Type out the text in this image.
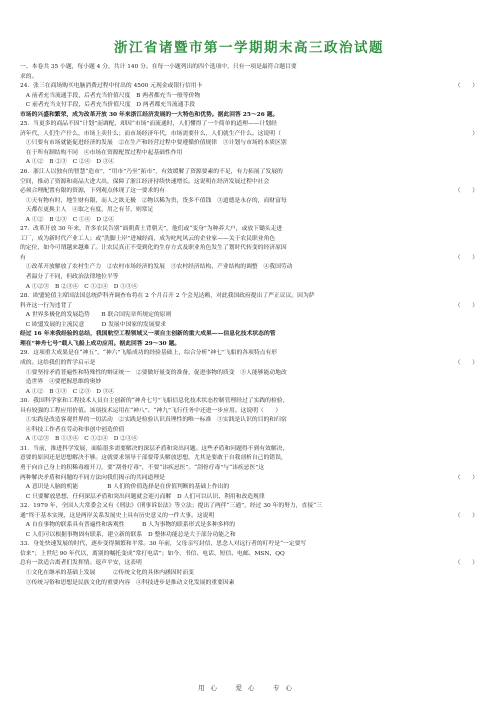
浙江省诸暨市第一学期期末高三政治试题
一、本卷共 35 小题，每小题 4 分，共计 140 分。在每一小题列出的四个选项中，只有一项是最符合题目要
求的。
24．张三在商场购买电脑消费过程中付出的 4500 元现金或银行信用卡	（　　）
　A 前者充当流通手段，后者充当价值尺度　B 两者都充当一般等价物
　C 前者充当支付手段，后者充当价值尺度　D 两者都充当流通手段
市场的兴盛和繁荣，成为改革开放 30 年来浙江经济发展的一大特色和优势。据此回答 25～26 题。
25．当更多的商品不因“计划”而调配，却因“市场”而流通时，人们懂得了一个简单的道理——计划经
济年代，人们生产什么，市场上卖什么；而市场经济年代，市场需要什么，人们就生产什么。这说明（	）
　①只要有市场就能促进经济的发展　②在生产和经营过程中要遵循价值规律　③计划与市场的本质区别
　在于所有制结构不同　④市场在资源配置过程中起基础性作用
　A ①②　B ②③　C ②④　D ③④
26．浙江人以独有的智慧“造市”，“用市”乃至“拓市”，有效缓解了资源要素的不足，有力拓展了发展的
空间，推动了资源和商品大进大出，保障了浙江经济持续快速增长。这说明在经济发展过程中社会
必须合理配置有限的资源，下列观点体现了这一要求的有	（　　）
　①天有物有时，地生财有限，而人之欲无极　②物以稀为贵，货多不值钱　③道德是永存的，而财富每
　天都在更换主人　④取之有度，用之有节，则常足
　A ①②　B ②③　C ①④　D ②④
27．改革开放 30 年来，许多农民告别“面朝黄土背朝天”，他们或“变身”为种养大户，或放下锄头走进
工厂，成为新时代产业工人；或“洗脚上岸”进城经商，成为叱咤风云的企业家——关于农民职业角色
的定位，如今可谓越来越难了。让农民真正不受到化的生存方式及职业角色发生了划时代转变的经济原因
有	（　　）
　①改革开放解放了农村生产力　②农村市场经济的发展　③农村经济结构、产业结构的调整　④我国劳动
　者温分了不同，但政治法律地位平等
　A ①②③　B ②③④　C ①②④　D ①③④
28．欧盟轮值主席国法国总统萨科齐调查布将在 2 个月召开 2 个会见达赖，对此我国政府提出了严正议议。因为萨
科齐这一行为违背了	（　　）
　A 世界多极化的发展趋势　　B 联合国宪章所规定的原则
　C 欧盟发展的主流民意　　　D 发展中国家的发展要求
经过 16 年来我经验的总结，我国航空工程领域又一项自主创新的重大成果——信息化技术状态的管
理在“神舟七号”载人飞船上成功应用。据此回答 29～30 题。
29．这项重大成果是在“神五”、“神六”飞船成功的经验基础上，综合分析“神七”飞船的各项特点有形
成的。这给我们的哲学启示是	（　　）
　①要坚持矛盾普遍性和特殊性的辩证统一　②要做好量变的准备，促进事物的质变　③人能够能动地改
　造世界　④要把握思维的奥妙
　A ①②　B ①③　C ②③　D ③④
30．我国科学家和工程技术人员自主创新的“神舟七号”飞船信息化技术状态控制管理经过了实践的检验，
具有较强的工程应用价值。该项技术运用在“神八”、“神九”飞行任务中还进一步应用。这说明（　　）
　①实践是改造客观世界的一切活动　②实践是检验认识真理性的唯一标准　③实践是认识的目的和归宿
　④科技工作者在劳动和事创中创造价值
　A ①②③　B ①③④　C ①②④　D ②③④
31．当前，推进科学发展，面临很多需要解决的深层矛盾和突出问题。这些矛盾和问题得不到有效解决，
意要的原因还是思想解决不够。这就要求领导干部要带头解放思想，尤其是要敢于自我剖析自己的错误，
勇于向自己身上的积稀毒瘤开刀，要“刮骨疗毒”，不要“讳疾忌医”。“刮骨疗毒”与“讳疾忌医”这
两种解决矛盾和问题的不同方法向我们揭示的共同道理是	（　　）
　A 意识是人脑的机能　　　　　B 人们的价值选择是在价值判断的基础上作出的
　C 只要解放思想，任何深层矛盾和突出问题就会迎刃而解　D 人们可以认识、利用和改造规律
32．1979 年，全国人大常委会又有《刑法》《刑事诉讼法》等立法；提出了两伴“三通”，经过 30 年的努力，直接“三
通”终于基本实现，这是两岸关系发展史上具有历史意义的一件大事。这说明	（　　）
　A 自在事物的联系具有普遍性和客观性　　　B 人为事物的联系形式是多种多样的
　C 人们可以根据事物固有联系，建立新的联系　D 整体功能总是大于部分功能之和
33．身处快速发展的时代，逐步变得频繁和平常。30 年前，父母亲写封信，思念人对远行者的叮咛是“一定要写
信来”；上世纪 90 年代以，离别的嘱托变成“常打电话”；如今，书信、电话、短信、电邮、MSN、QQ
总有一款适合离者们发挥情。退声平安，这表明	（　　）
　①文化在继承的基础上发展　　　②传统文化的具体内涵因时而变
　③传统习俗和思想是民族文化的重要内容　④科技进步是推动文化发展的重要因素
用心　爱心　专心
